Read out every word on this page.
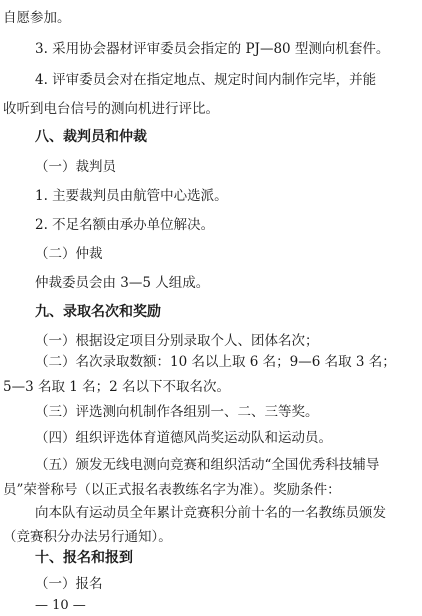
自愿参加。
3. 采用协会器材评审委员会指定的 PJ—80 型测向机套件。
4. 评审委员会对在指定地点、规定时间内制作完毕，并能
收听到电台信号的测向机进行评比。
八、裁判员和仲裁
（一）裁判员
1. 主要裁判员由航管中心选派。
2. 不足名额由承办单位解决。
（二）仲裁
仲裁委员会由 3—5 人组成。
九、录取名次和奖励
（一）根据设定项目分别录取个人、团体名次；
（二）名次录取数额：10 名以上取 6 名；9—6 名取 3 名；
5—3 名取 1 名；2 名以下不取名次。
（三）评选测向机制作各组别一、二、三等奖。
（四）组织评选体育道德风尚奖运动队和运动员。
（五）颁发无线电测向竞赛和组织活动“全国优秀科技辅导
员”荣誉称号（以正式报名表教练名字为准）。奖励条件：
向本队有运动员全年累计竞赛积分前十名的一名教练员颁发
（竞赛积分办法另行通知）。
— 10 —
十、报名和报到
（一）报名
